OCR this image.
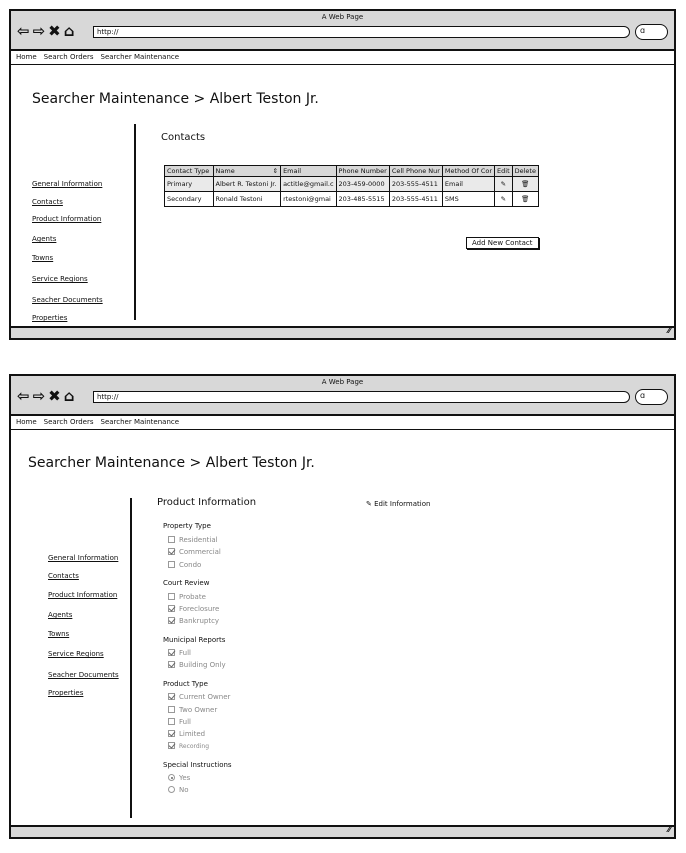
A Web Page
⇦ ⇨ ✖ ⌂	http://	ɑ
Home Search Orders Searcher Maintenance
Searcher Maintenance > Albert Teston Jr.
General Information
Contacts
Product Information
Agents
Towns
Service Regions
Seacher Documents
Properties
Contacts
Contact Type	Name ⇕	Email	Phone Number	Cell Phone Nur	Method Of Cor	Edit	Delete
Primary	Albert R. Testoni Jr.	actitle@gmail.c	203-459-0000	203-555-4511	Email	✎	🗑
Secondary	Ronald Testoni	rtestoni@gmai	203-485-5515	203-555-4511	SMS	✎	🗑
Add New Contact
⁄⁄
A Web Page
⇦ ⇨ ✖ ⌂	http://	ɑ
Home Search Orders Searcher Maintenance
Searcher Maintenance > Albert Teston Jr.
General Information
Contacts
Product Information
Agents
Towns
Service Regions
Seacher Documents
Properties
Product Information	✎ Edit Information
Property Type
Residential
Commercial
Condo
Court Review
Probate
Foreclosure
Bankruptcy
Municipal Reports
Full
Building Only
Product Type
Current Owner
Two Owner
Full
Limited
Recording
Special Instructions
Yes
No
⁄⁄
